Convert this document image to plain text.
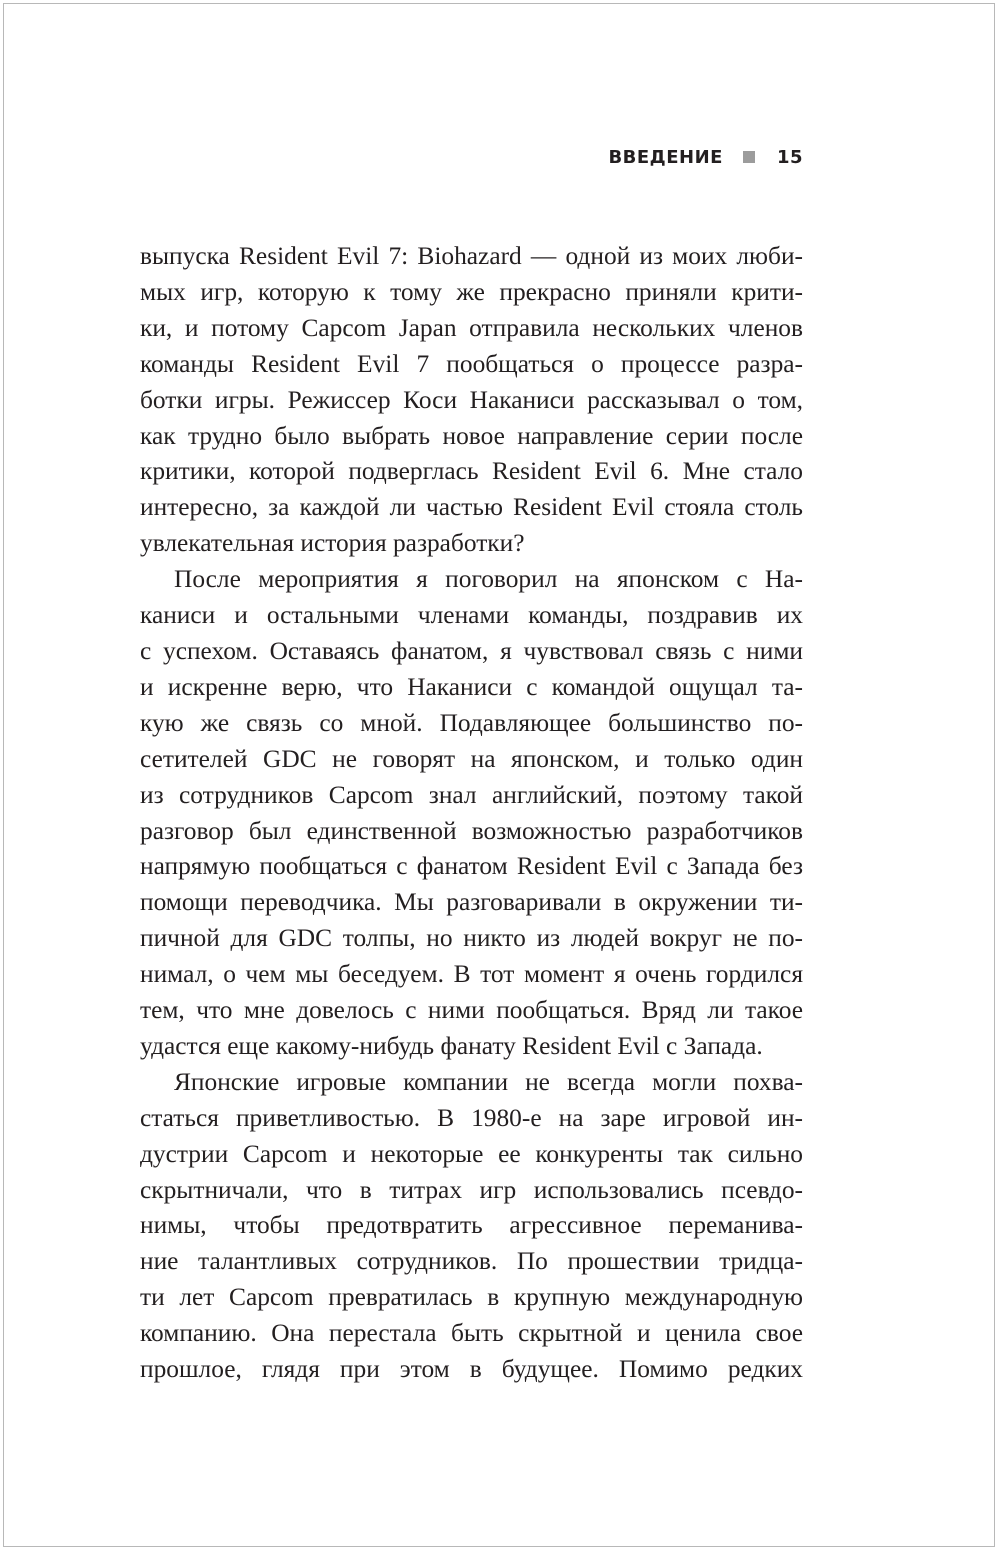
ВВЕДЕНИЕ	15
выпуска Resident Evil 7: Biohazard — одной из моих люби-
мых игр, которую к тому же прекрасно приняли крити-
ки, и потому Capcom Japan отправила нескольких членов
команды Resident Evil 7 пообщаться о процессе разра-
ботки игры. Режиссер Коси Наканиси рассказывал о том,
как трудно было выбрать новое направление серии после
критики, которой подверглась Resident Evil 6. Мне стало
интересно, за каждой ли частью Resident Evil стояла столь
увлекательная история разработки?
После мероприятия я поговорил на японском с На-
каниси и остальными членами команды, поздравив их
с успехом. Оставаясь фанатом, я чувствовал связь с ними
и искренне верю, что Наканиси с командой ощущал та-
кую же связь со мной. Подавляющее большинство по-
сетителей GDC не говорят на японском, и только один
из сотрудников Capcom знал английский, поэтому такой
разговор был единственной возможностью разработчиков
напрямую пообщаться с фанатом Resident Evil с Запада без
помощи переводчика. Мы разговаривали в окружении ти-
пичной для GDC толпы, но никто из людей вокруг не по-
нимал, о чем мы беседуем. В тот момент я очень гордился
тем, что мне довелось с ними пообщаться. Вряд ли такое
удастся еще какому-нибудь фанату Resident Evil с Запада.
Японские игровые компании не всегда могли похва-
статься приветливостью. В 1980-е на заре игровой ин-
дустрии Capcom и некоторые ее конкуренты так сильно
скрытничали, что в титрах игр использовались псевдо-
нимы, чтобы предотвратить агрессивное переманива-
ние талантливых сотрудников. По прошествии тридца-
ти лет Capcom превратилась в крупную международную
компанию. Она перестала быть скрытной и ценила свое
прошлое, глядя при этом в будущее. Помимо редких
